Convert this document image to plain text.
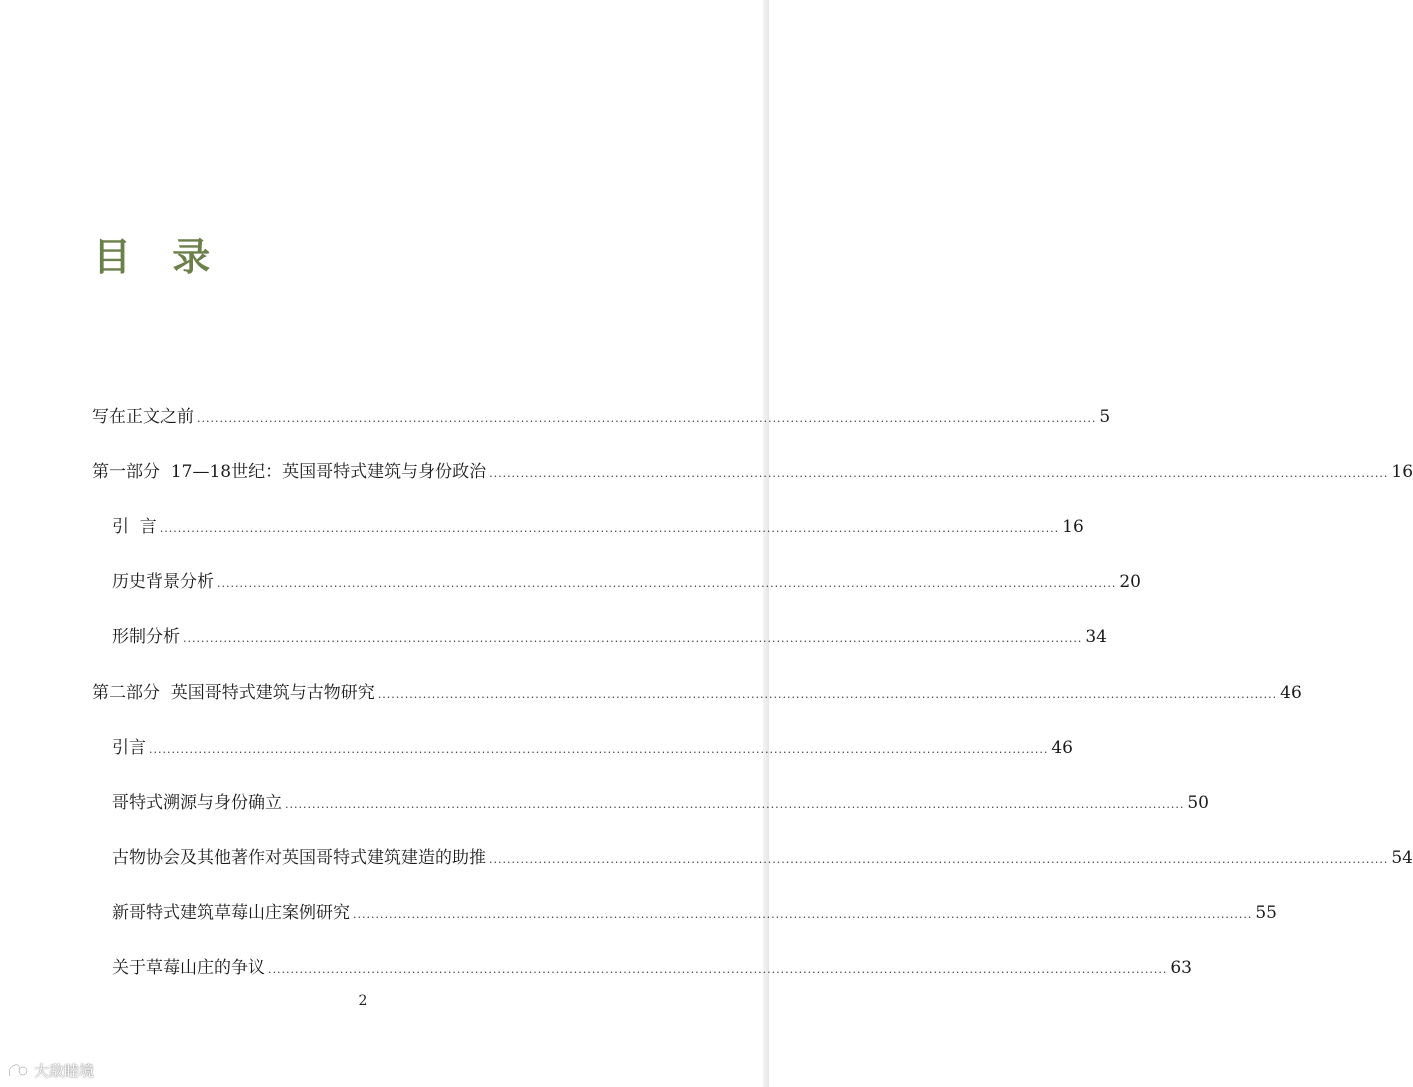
目 录
写在正文之前 ........................................................................................................................................................................................................ 5
第一部分  17—18世纪：英国哥特式建筑与身份政治 ........................................................................................................................................................................................................ 16
引  言 ........................................................................................................................................................................................................ 16
历史背景分析 ........................................................................................................................................................................................................ 20
形制分析 ........................................................................................................................................................................................................ 34
第二部分  英国哥特式建筑与古物研究 ........................................................................................................................................................................................................ 46
引言 ........................................................................................................................................................................................................ 46
哥特式溯源与身份确立 ........................................................................................................................................................................................................ 50
古物协会及其他著作对英国哥特式建筑建造的助推 ........................................................................................................................................................................................................ 54
新哥特式建筑草莓山庄案例研究 ........................................................................................................................................................................................................ 55
关于草莓山庄的争议 ........................................................................................................................................................................................................ 63
2
大敌睦境
